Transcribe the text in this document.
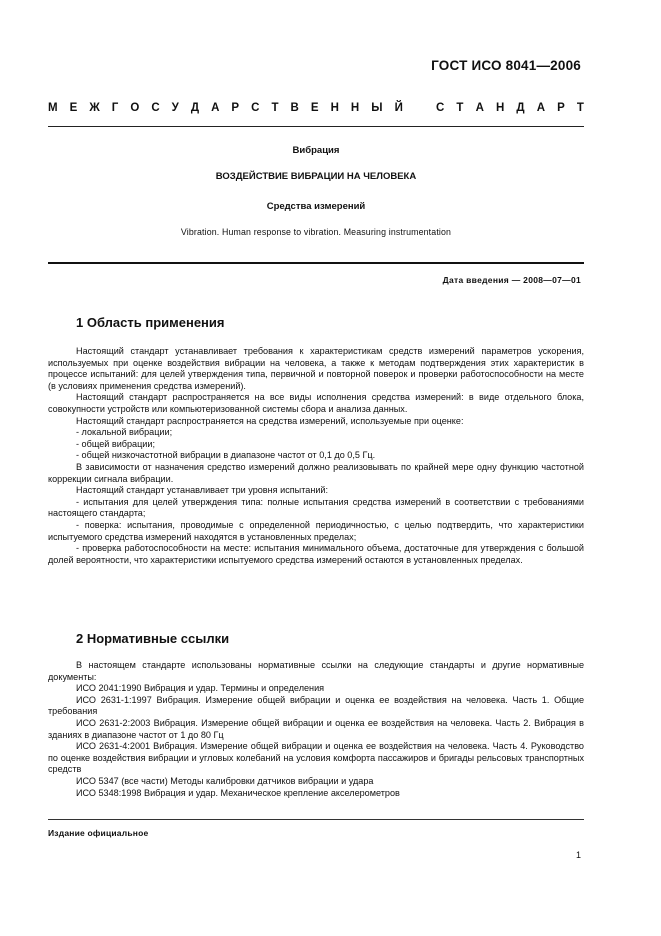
ГОСТ ИСО 8041—2006
М Е Ж Г О С У Д А Р С Т В Е Н Н Ы Й	С Т А Н Д А Р Т
Вибрация
ВОЗДЕЙСТВИЕ ВИБРАЦИИ НА ЧЕЛОВЕКА
Средства измерений
Vibration. Human response to vibration. Measuring instrumentation
Дата введения — 2008—07—01
1 Область применения

Настоящий стандарт устанавливает требования к характеристикам средств измерений параметров ускорения, используемых при оценке воздействия вибрации на человека, а также к методам подтверждения этих характеристик в процессе испытаний: для целей утверждения типа, первичной и повторной поверок и проверки работоспособности на месте (в условиях применения средства измерений).

Настоящий стандарт распространяется на все виды исполнения средства измерений: в виде отдельного блока, совокупности устройств или компьютеризованной системы сбора и анализа данных.

Настоящий стандарт распространяется на средства измерений, используемые при оценке:

- локальной вибрации;

- общей вибрации;

- общей низкочастотной вибрации в диапазоне частот от 0,1 до 0,5 Гц.

В зависимости от назначения средство измерений должно реализовывать по крайней мере одну функцию частотной коррекции сигнала вибрации.

Настоящий стандарт устанавливает три уровня испытаний:

- испытания для целей утверждения типа: полные испытания средства измерений в соответствии с требованиями настоящего стандарта;

- поверка: испытания, проводимые с определенной периодичностью, с целью подтвердить, что характеристики испытуемого средства измерений находятся в установленных пределах;

- проверка работоспособности на месте: испытания минимального объема, достаточные для утверждения с большой долей вероятности, что характеристики испытуемого средства измерений остаются в установленных пределах.

2 Нормативные ссылки

В настоящем стандарте использованы нормативные ссылки на следующие стандарты и другие нормативные документы:

ИСО 2041:1990 Вибрация и удар. Термины и определения

ИСО 2631-1:1997 Вибрация. Измерение общей вибрации и оценка ее воздействия на человека. Часть 1. Общие требования

ИСО 2631-2:2003 Вибрация. Измерение общей вибрации и оценка ее воздействия на человека. Часть 2. Вибрация в зданиях в диапазоне частот от 1 до 80 Гц

ИСО 2631-4:2001 Вибрация. Измерение общей вибрации и оценка ее воздействия на человека. Часть 4. Руководство по оценке воздействия вибрации и угловых колебаний на условия комфорта пассажиров и бригады рельсовых транспортных средств

ИСО 5347 (все части) Методы калибровки датчиков вибрации и удара

ИСО 5348:1998 Вибрация и удар. Механическое крепление акселерометров

Издание официальное
1
